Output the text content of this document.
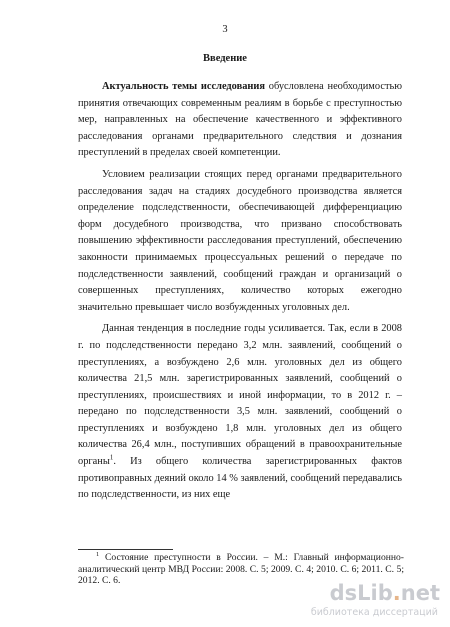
3
Введение

Актуальность темы исследования обусловлена необходимостью принятия отвечающих современным реалиям в борьбе с преступностью мер, направленных на обеспечение качественного и эффективного расследования органами предварительного следствия и дознания преступлений в пределах своей компетенции.

Условием реализации стоящих перед органами предварительного расследования задач на стадиях досудебного производства является определение подследственности, обеспечивающей дифференциацию форм досудебного производства, что призвано способствовать повышению эффективности расследования преступлений, обеспечению законности принимаемых процессуальных решений о передаче по подследственности заявлений, сообщений граждан и организаций о совершенных преступлениях, количество которых ежегодно значительно превышает число возбужденных уголовных дел.

Данная тенденция в последние годы усиливается. Так, если в 2008 г. по подследственности передано 3,2 млн. заявлений, сообщений о преступлениях, а возбуждено 2,6 млн. уголовных дел из общего количества 21,5 млн. зарегистрированных заявлений, сообщений о преступлениях, происшествиях и иной информации, то в 2012 г. – передано по подследственности 3,5 млн. заявлений, сообщений о преступлениях и возбуждено 1,8 млн. уголовных дел из общего количества 26,4 млн., поступивших обращений в правоохранительные органы$^1$. Из общего количества зарегистрированных фактов противоправных деяний около 14 % заявлений, сообщений передавались по подследственности, из них еще

$^1$ Состояние преступности в России. – М.: Главный информационно-аналитический центр МВД России: 2008. С. 5; 2009. С. 4; 2010. С. 6; 2011. С. 5; 2012. С. 6.
dsLib . net
библиотека диссертаций
